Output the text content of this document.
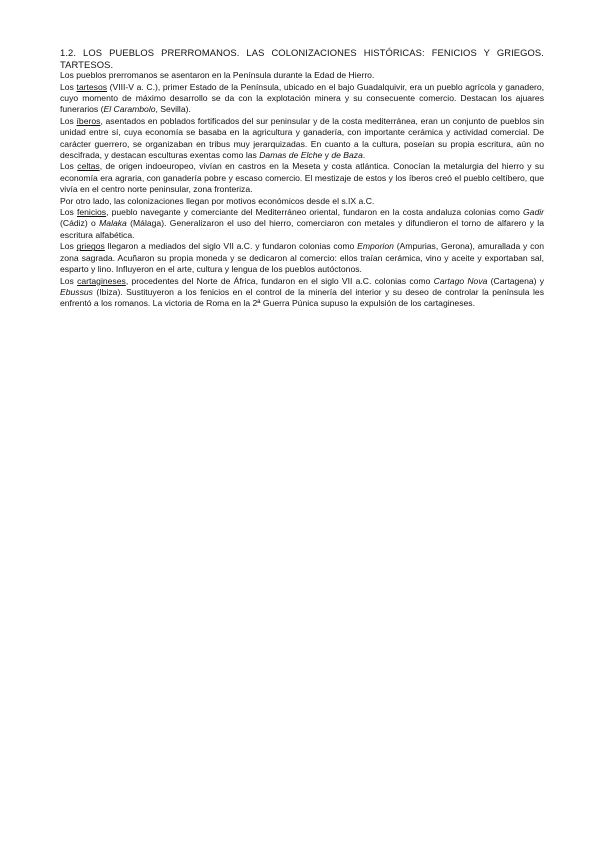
1.2. LOS PUEBLOS PRERROMANOS. LAS COLONIZACIONES HISTÓRICAS: FENICIOS Y GRIEGOS. TARTESOS.

Los pueblos prerromanos se asentaron en la Península durante la Edad de Hierro.

Los tartesos (VIII-V a. C.), primer Estado de la Península, ubicado en el bajo Guadalquivir, era un pueblo agrícola y ganadero, cuyo momento de máximo desarrollo se da con la explotación minera y su consecuente comercio. Destacan los ajuares funerarios (El Carambolo, Sevilla).

Los íberos, asentados en poblados fortificados del sur peninsular y de la costa mediterránea, eran un conjunto de pueblos sin unidad entre sí, cuya economía se basaba en la agricultura y ganadería, con importante cerámica y actividad comercial. De carácter guerrero, se organizaban en tribus muy jerarquizadas. En cuanto a la cultura, poseían su propia escritura, aún no descifrada, y destacan esculturas exentas como las Damas de Elche y de Baza.

Los celtas, de origen indoeuropeo, vivían en castros en la Meseta y costa atlántica. Conocían la metalurgia del hierro y su economía era agraria, con ganadería pobre y escaso comercio. El mestizaje de estos y los íberos creó el pueblo celtíbero, que vivía en el centro norte peninsular, zona fronteriza.

Por otro lado, las colonizaciones llegan por motivos económicos desde el s.IX a.C.

Los fenicios, pueblo navegante y comerciante del Mediterráneo oriental, fundaron en la costa andaluza colonias como Gadir (Cádiz) o Malaka (Málaga). Generalizaron el uso del hierro, comerciaron con metales y difundieron el torno de alfarero y la escritura alfabética.

Los griegos llegaron a mediados del siglo VII a.C. y fundaron colonias como Emporion (Ampurias, Gerona), amurallada y con zona sagrada. Acuñaron su propia moneda y se dedicaron al comercio: ellos traían cerámica, vino y aceite y exportaban sal, esparto y lino. Influyeron en el arte, cultura y lengua de los pueblos autóctonos.

Los cartagineses, procedentes del Norte de África, fundaron en el siglo VII a.C. colonias como Cartago Nova (Cartagena) y Ebussus (Ibiza). Sustituyeron a los fenicios en el control de la minería del interior y su deseo de controlar la península les enfrentó a los romanos. La victoria de Roma en la 2ª Guerra Púnica supuso la expulsión de los cartagineses.
